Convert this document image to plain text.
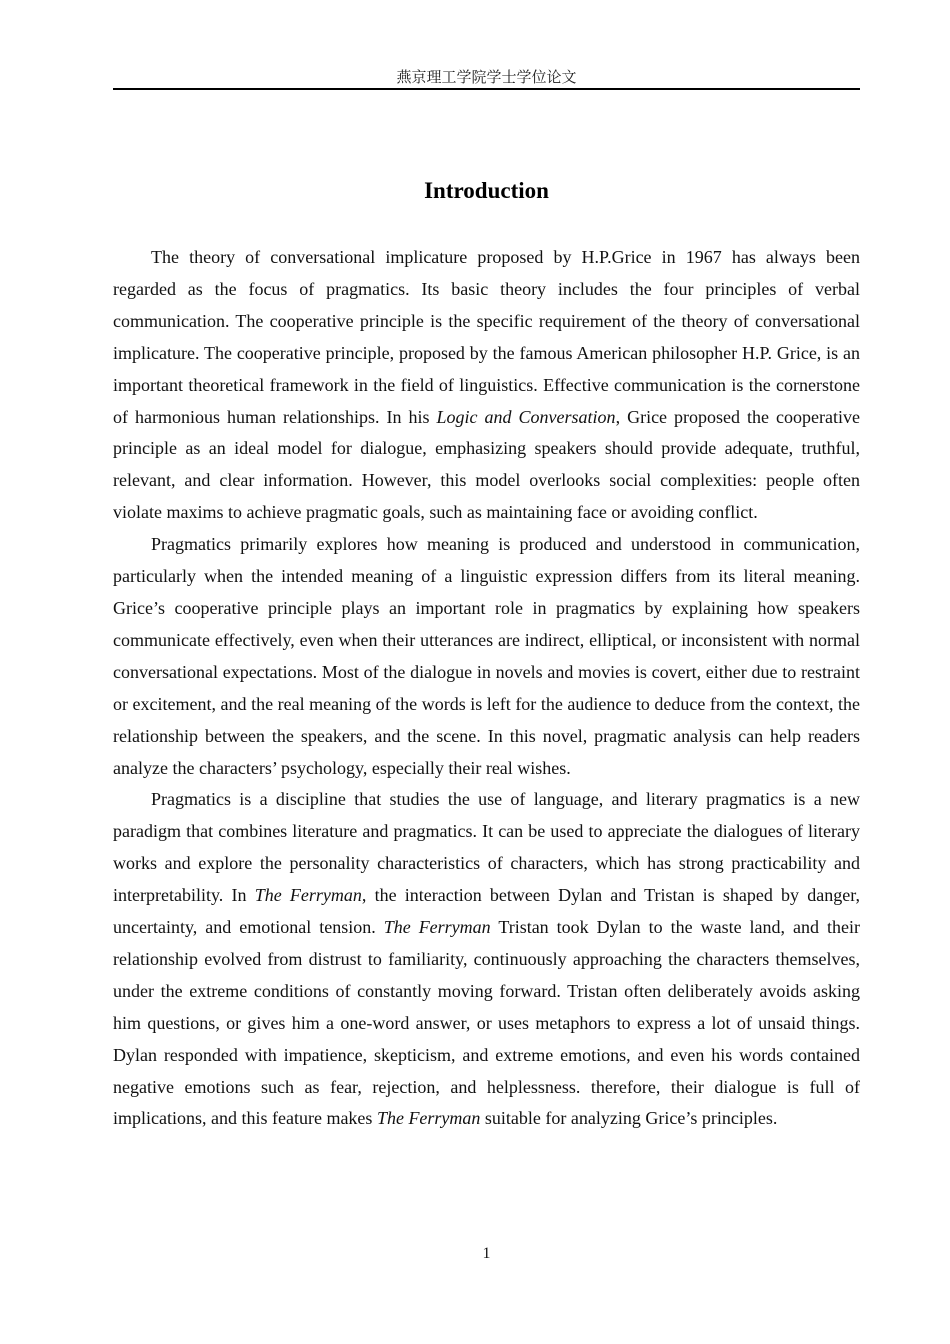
燕京理工学院学士学位论文
Introduction

The theory of conversational implicature proposed by H.P.Grice in 1967 has always been regarded as the focus of pragmatics. Its basic theory includes the four principles of verbal communication. The cooperative principle is the specific requirement of the theory of conversational implicature. The cooperative principle, proposed by the famous American philosopher H.P. Grice, is an important theoretical framework in the field of linguistics. Effective communication is the cornerstone of harmonious human relationships. In his Logic and Conversation, Grice proposed the cooperative principle as an ideal model for dialogue, emphasizing speakers should provide adequate, truthful, relevant, and clear information. However, this model overlooks social complexities: people often violate maxims to achieve pragmatic goals, such as maintaining face or avoiding conflict.

Pragmatics primarily explores how meaning is produced and understood in communication, particularly when the intended meaning of a linguistic expression differs from its literal meaning. Grice’s cooperative principle plays an important role in pragmatics by explaining how speakers communicate effectively, even when their utterances are indirect, elliptical, or inconsistent with normal conversational expectations. Most of the dialogue in novels and movies is covert, either due to restraint or excitement, and the real meaning of the words is left for the audience to deduce from the context, the relationship between the speakers, and the scene. In this novel, pragmatic analysis can help readers analyze the characters’ psychology, especially their real wishes.

Pragmatics is a discipline that studies the use of language, and literary pragmatics is a new paradigm that combines literature and pragmatics. It can be used to appreciate the dialogues of literary works and explore the personality characteristics of characters, which has strong practicability and interpretability. In The Ferryman, the interaction between Dylan and Tristan is shaped by danger, uncertainty, and emotional tension. The Ferryman Tristan took Dylan to the waste land, and their relationship evolved from distrust to familiarity, continuously approaching the characters themselves, under the extreme conditions of constantly moving forward. Tristan often deliberately avoids asking him questions, or gives him a one-word answer, or uses metaphors to express a lot of unsaid things. Dylan responded with impatience, skepticism, and extreme emotions, and even his words contained negative emotions such as fear, rejection, and helplessness. therefore, their dialogue is full of implications, and this feature makes The Ferryman suitable for analyzing Grice’s principles.

1
